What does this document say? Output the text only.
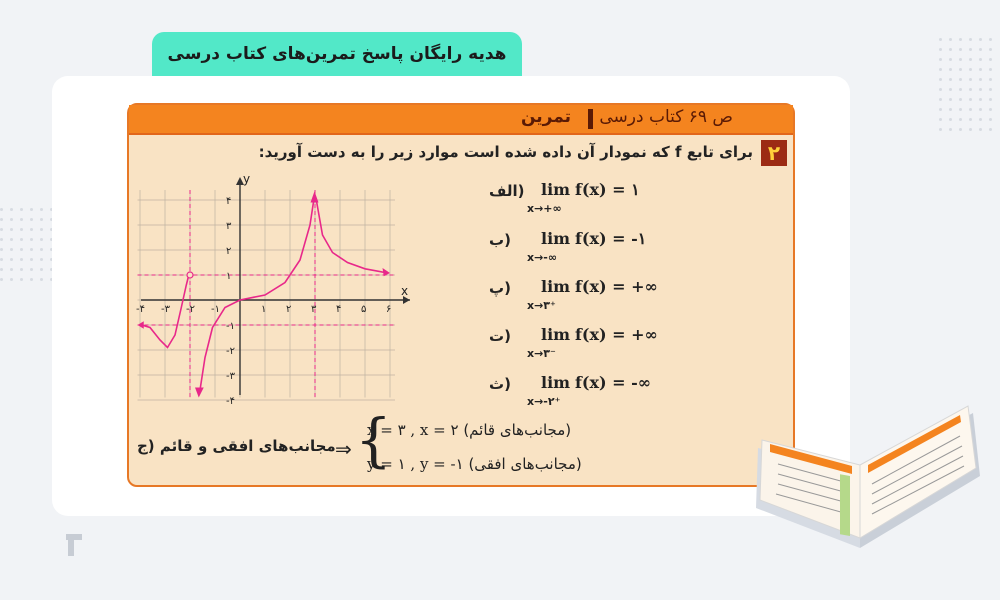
هدیه رایگان پاسخ تمرین‌های کتاب درسی
تمرین ص ۶۹ کتاب درسی
۲
برای تابع f که نمودار آن داده شده است موارد زیر را به دست آورید:
x
y
-۴ -۳ -۲ -۱	۱ ۲ ۳ ۴ ۵ ۶
۴
۳
۲
۱
-۱
-۲
-۳
-۴
الف) lim
x→+∞
f(x) = ۱
ب) lim
x→-∞
f(x) = -۱
پ) lim
x→۳⁺
f(x) = +∞
ت) lim
x→۳⁻
f(x) = +∞
ث) lim
x→-۲⁺
f(x) = -∞
مجانب‌های افقی و قائم (ج ⇒ {
x = ۳ , x = ۲ (مجانب‌های قائم)
y = ۱ , y = -۱ (مجانب‌های افقی)
